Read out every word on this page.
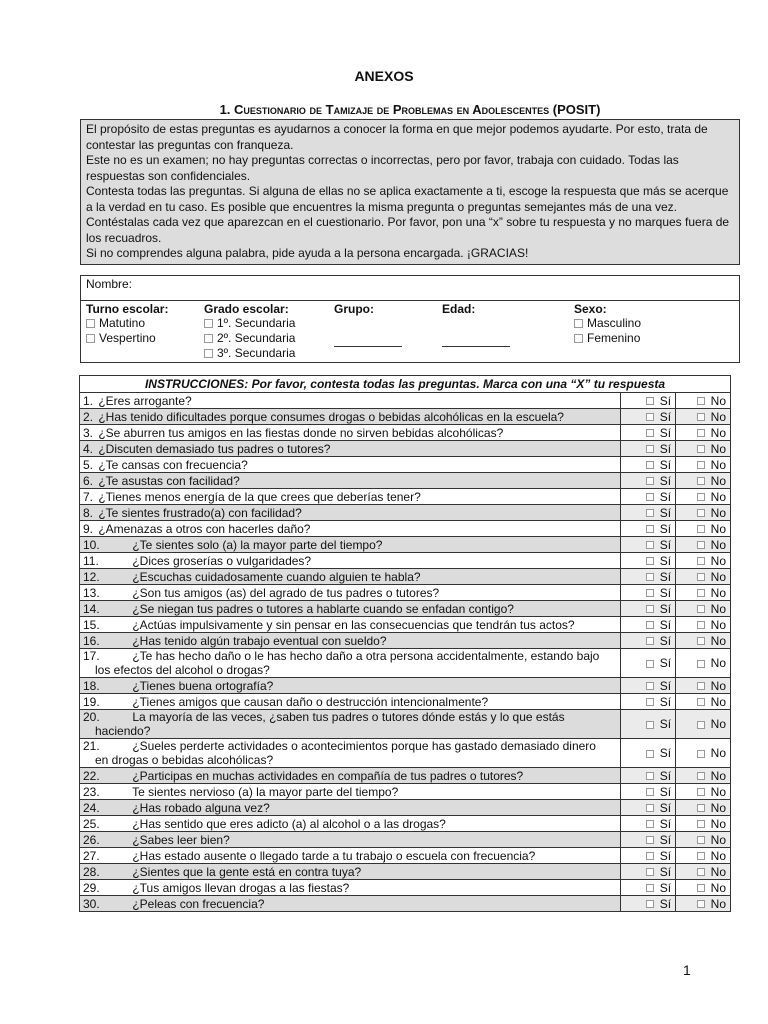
ANEXOS
1. Cuestionario de Tamizaje de Problemas en Adolescentes (POSIT)

El propósito de estas preguntas es ayudarnos a conocer la forma en que mejor podemos ayudarte. Por esto, trata de contestar las preguntas con franqueza.

Este no es un examen; no hay preguntas correctas o incorrectas, pero por favor, trabaja con cuidado. Todas las respuestas son confidenciales.

Contesta todas las preguntas. Si alguna de ellas no se aplica exactamente a ti, escoge la respuesta que más se acerque a la verdad en tu caso. Es posible que encuentres la misma pregunta o preguntas semejantes más de una vez. Contéstalas cada vez que aparezcan en el cuestionario. Por favor, pon una “x” sobre tu respuesta y no marques fuera de los recuadros.

Si no comprendes alguna palabra, pide ayuda a la persona encargada. ¡GRACIAS!

Nombre:

Turno escolar:
Matutino
Vespertino

Grado escolar:
1º. Secundaria
2º. Secundaria
3º. Secundaria

Grupo:	Edad:	Sexo:
Masculino
Femenino
INSTRUCCIONES: Por favor, contesta todas las preguntas. Marca con una “X” tu respuesta		
1. ¿Eres arrogante?	Sí	No
2. ¿Has tenido dificultades porque consumes drogas o bebidas alcohólicas en la escuela?	Sí	No
3. ¿Se aburren tus amigos en las fiestas donde no sirven bebidas alcohólicas?	Sí	No
4. ¿Discuten demasiado tus padres o tutores?	Sí	No
5. ¿Te cansas con frecuencia?	Sí	No
6. ¿Te asustas con facilidad?	Sí	No
7. ¿Tienes menos energía de la que crees que deberías tener?	Sí	No
8. ¿Te sientes frustrado(a) con facilidad?	Sí	No
9. ¿Amenazas a otros con hacerles daño?	Sí	No
10. ¿Te sientes solo (a) la mayor parte del tiempo?	Sí	No
11. ¿Dices groserías o vulgaridades?	Sí	No
12. ¿Escuchas cuidadosamente cuando alguien te habla?	Sí	No
13. ¿Son tus amigos (as) del agrado de tus padres o tutores?	Sí	No
14. ¿Se niegan tus padres o tutores a hablarte cuando se enfadan contigo?	Sí	No
15. ¿Actúas impulsivamente y sin pensar en las consecuencias que tendrán tus actos?	Sí	No
16. ¿Has tenido algún trabajo eventual con sueldo?	Sí	No
17. ¿Te has hecho daño o le has hecho daño a otra persona accidentalmente, estando bajo
los efectos del alcohol o drogas?	Sí	No
18. ¿Tienes buena ortografía?	Sí	No
19. ¿Tienes amigos que causan daño o destrucción intencionalmente?	Sí	No
20. La mayoría de las veces, ¿saben tus padres o tutores dónde estás y lo que estás
haciendo?	Sí	No
21. ¿Sueles perderte actividades o acontecimientos porque has gastado demasiado dinero
en drogas o bebidas alcohólicas?	Sí	No
22. ¿Participas en muchas actividades en compañía de tus padres o tutores?	Sí	No
23. Te sientes nervioso (a) la mayor parte del tiempo?	Sí	No
24. ¿Has robado alguna vez?	Sí	No
25. ¿Has sentido que eres adicto (a) al alcohol o a las drogas?	Sí	No
26. ¿Sabes leer bien?	Sí	No
27. ¿Has estado ausente o llegado tarde a tu trabajo o escuela con frecuencia?	Sí	No
28. ¿Sientes que la gente está en contra tuya?	Sí	No
29. ¿Tus amigos llevan drogas a las fiestas?	Sí	No
30. ¿Peleas con frecuencia?	Sí	No
1
